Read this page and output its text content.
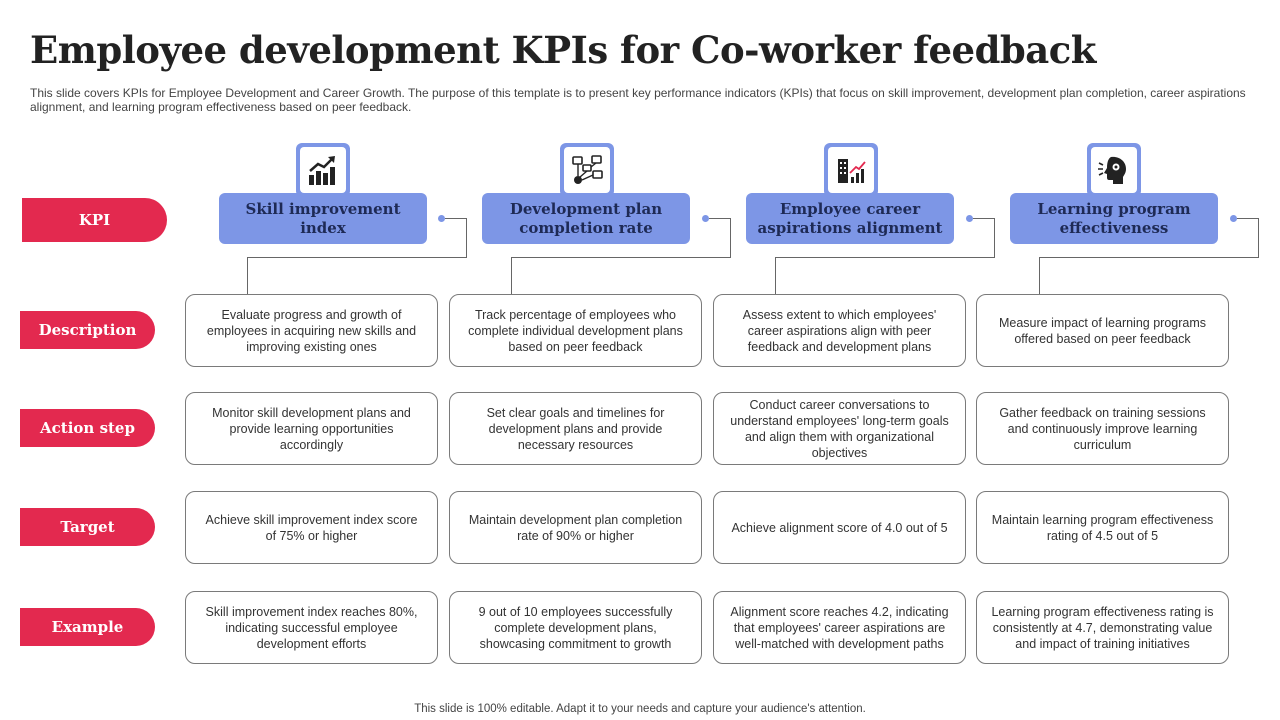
Employee development KPIs for Co-worker feedback
This slide covers KPIs for Employee Development and Career Growth. The purpose of this template is to present key performance indicators (KPIs) that focus on skill improvement, development plan completion, career aspirations alignment, and learning program effectiveness based on peer feedback.
KPI
Description
Action step
Target
Example
Skill improvement index
Evaluate progress and growth of employees in acquiring new skills and improving existing ones
Monitor skill development plans and provide learning opportunities accordingly
Achieve skill improvement index score of 75% or higher
Skill improvement index reaches 80%, indicating successful employee development efforts
Development plan completion rate
Track percentage of employees who complete individual development plans based on peer feedback
Set clear goals and timelines for development plans and provide necessary resources
Maintain development plan completion rate of 90% or higher
9 out of 10 employees successfully complete development plans, showcasing commitment to growth
Employee career aspirations alignment
Assess extent to which employees' career aspirations align with peer feedback and development plans
Conduct career conversations to understand employees' long-term goals and align them with organizational objectives
Achieve alignment score of 4.0 out of 5
Alignment score reaches 4.2, indicating that employees' career aspirations are well-matched with development paths
Learning program effectiveness
Measure impact of learning programs offered based on peer feedback
Gather feedback on training sessions and continuously improve learning curriculum
Maintain learning program effectiveness rating of 4.5 out of 5
Learning program effectiveness rating is consistently at 4.7, demonstrating value and impact of training initiatives
This slide is 100% editable. Adapt it to your needs and capture your audience's attention.
